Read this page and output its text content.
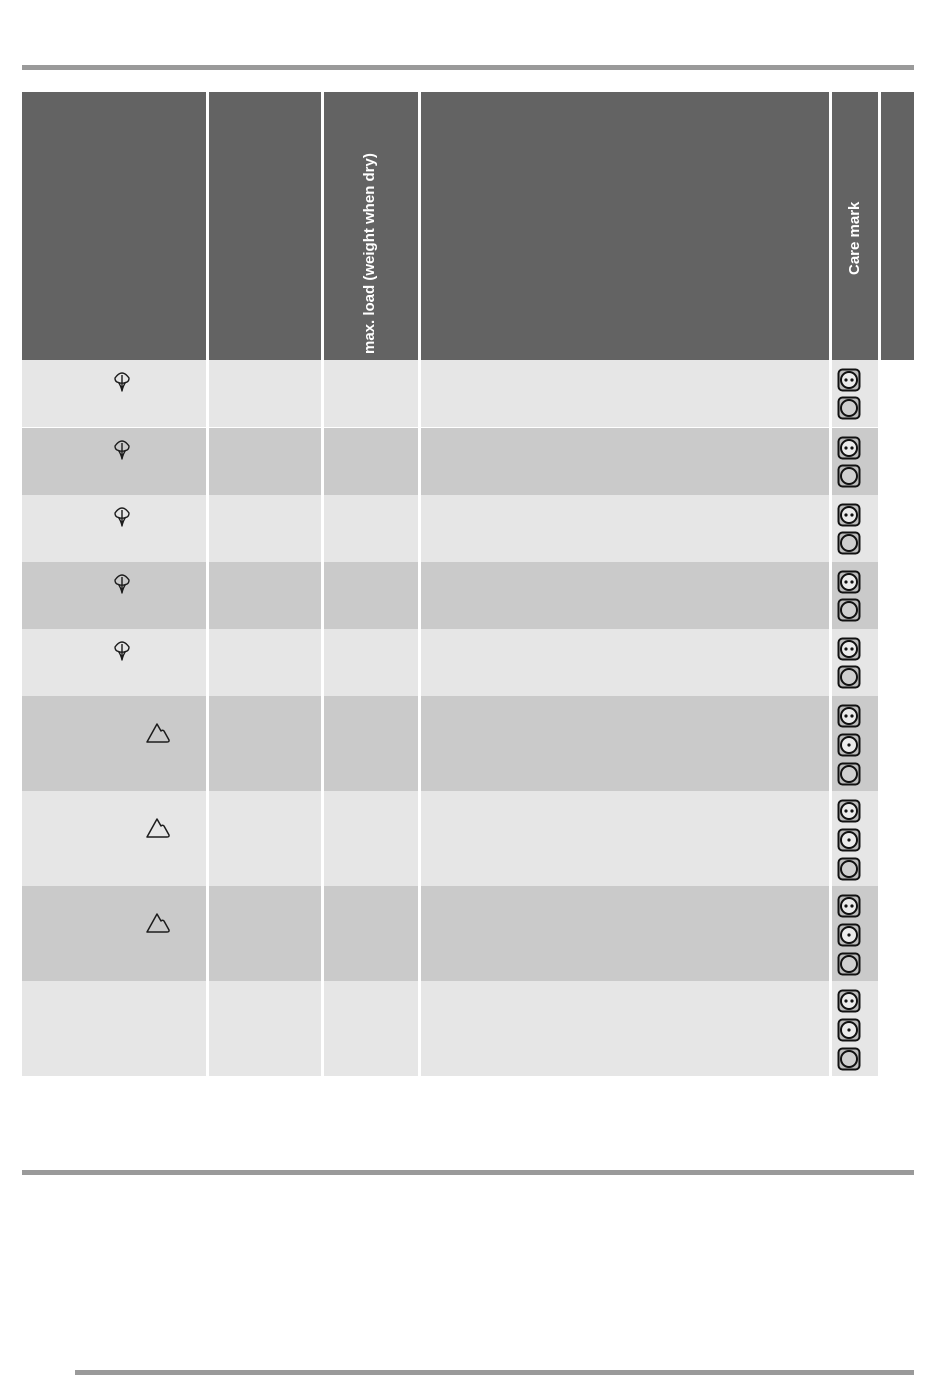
max. load (weight when dry)	Care mark
